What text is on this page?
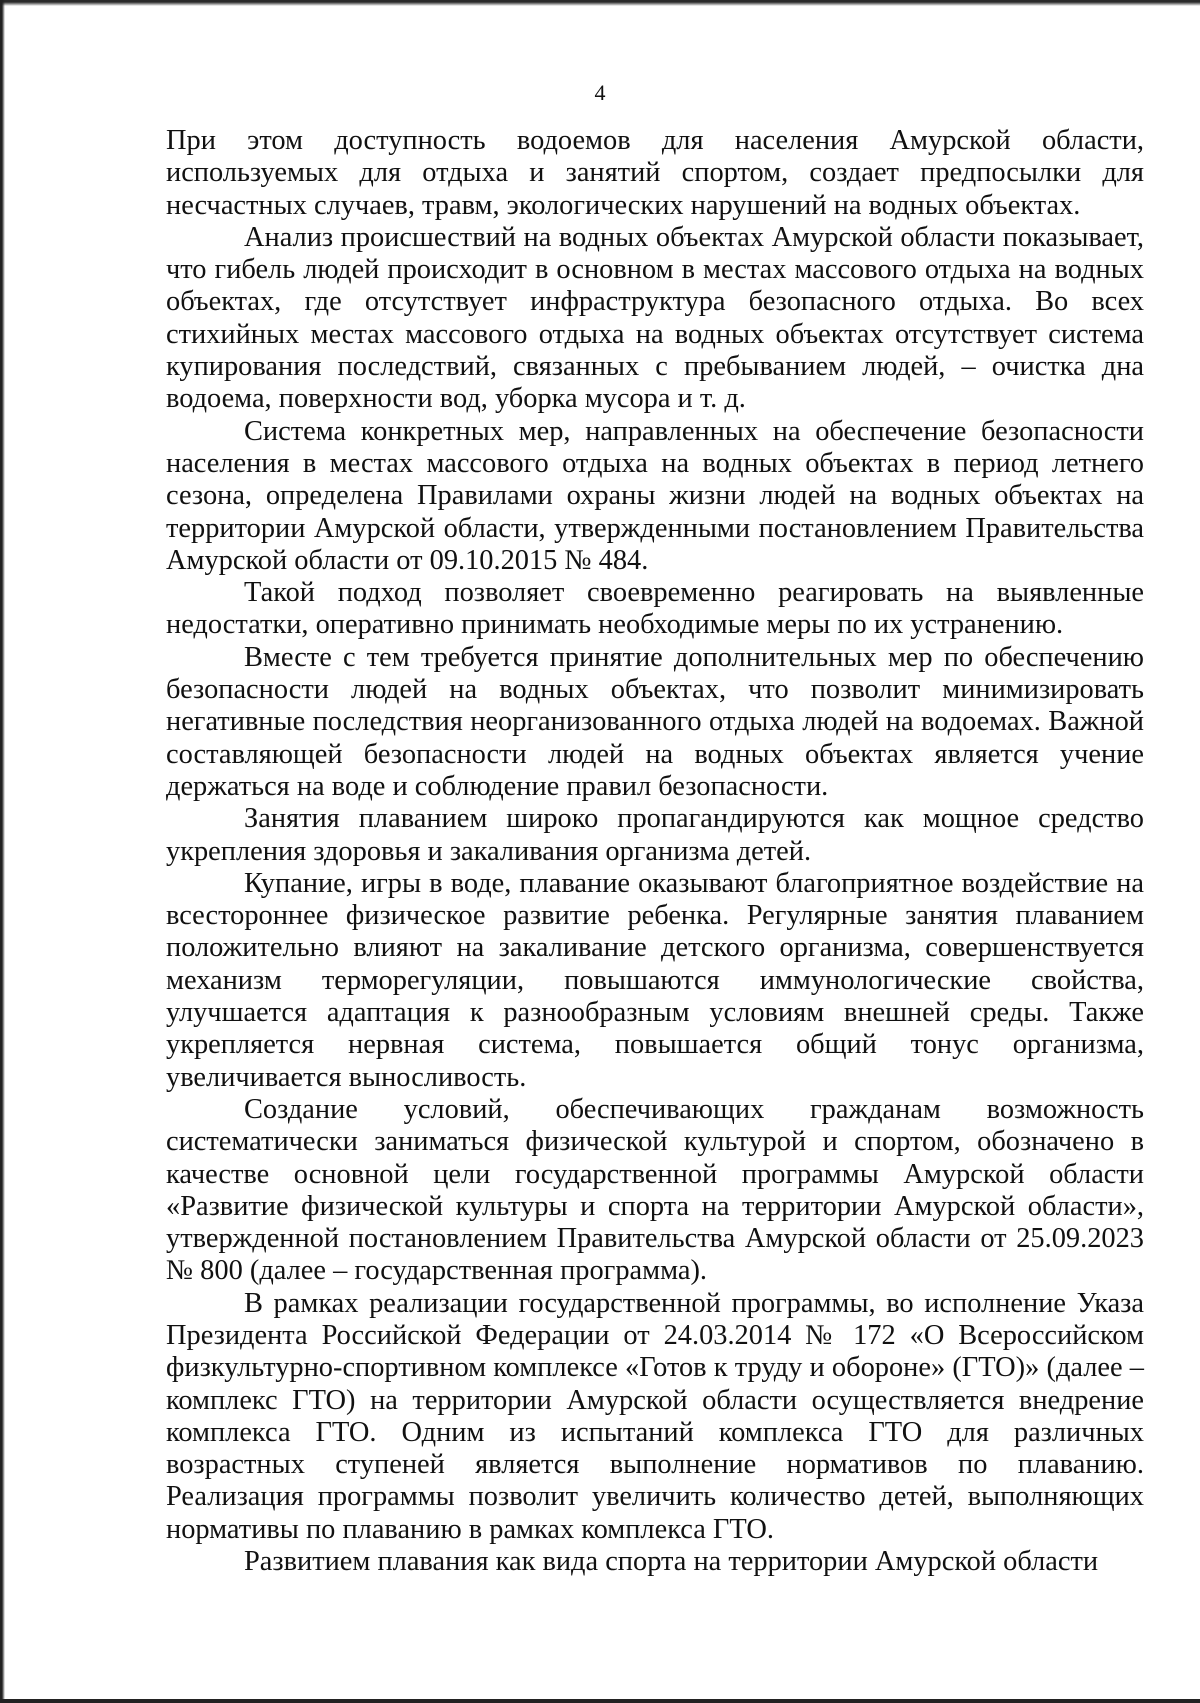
4

При этом доступность водоемов для населения Амурской области, используемых для отдыха и занятий спортом, создает предпосылки для несчастных случаев, травм, экологических нарушений на водных объектах.

Анализ происшествий на водных объектах Амурской области показывает, что гибель людей происходит в основном в местах массового отдыха на водных объектах, где отсутствует инфраструктура безопасного отдыха. Во всех стихийных местах массового отдыха на водных объектах отсутствует система купирования последствий, связанных с пребыванием людей, – очистка дна водоема, поверхности вод, уборка мусора и т. д.

Система конкретных мер, направленных на обеспечение безопасности населения в местах массового отдыха на водных объектах в период летнего сезона, определена Правилами охраны жизни людей на водных объектах на территории Амурской области, утвержденными постановлением Правительства Амурской области от 09.10.2015 № 484.

Такой подход позволяет своевременно реагировать на выявленные недостатки, оперативно принимать необходимые меры по их устранению.

Вместе с тем требуется принятие дополнительных мер по обеспечению безопасности людей на водных объектах, что позволит минимизировать негативные последствия неорганизованного отдыха людей на водоемах. Важной составляющей безопасности людей на водных объектах является учение держаться на воде и соблюдение правил безопасности.

Занятия плаванием широко пропагандируются как мощное средство укрепления здоровья и закаливания организма детей.

Купание, игры в воде, плавание оказывают благоприятное воздействие на всестороннее физическое развитие ребенка. Регулярные занятия плаванием положительно влияют на закаливание детского организма, совершенствуется механизм терморегуляции, повышаются иммунологические свойства, улучшается адаптация к разнообразным условиям внешней среды. Также укрепляется нервная система, повышается общий тонус организма, увеличивается выносливость.

Создание условий, обеспечивающих гражданам возможность систематически заниматься физической культурой и спортом, обозначено в качестве основной цели государственной программы Амурской области «Развитие физической культуры и спорта на территории Амурской области», утвержденной постановлением Правительства Амурской области от 25.09.2023 № 800 (далее – государственная программа).

В рамках реализации государственной программы, во исполнение Указа Президента Российской Федерации от 24.03.2014 № 172 «О Всероссийском физкультурно-спортивном комплексе «Готов к труду и обороне» (ГТО)» (далее – комплекс ГТО) на территории Амурской области осуществляется внедрение комплекса ГТО. Одним из испытаний комплекса ГТО для различных возрастных ступеней является выполнение нормативов по плаванию. Реализация программы позволит увеличить количество детей, выполняющих нормативы по плаванию в рамках комплекса ГТО.

Развитием плавания как вида спорта на территории Амурской области
